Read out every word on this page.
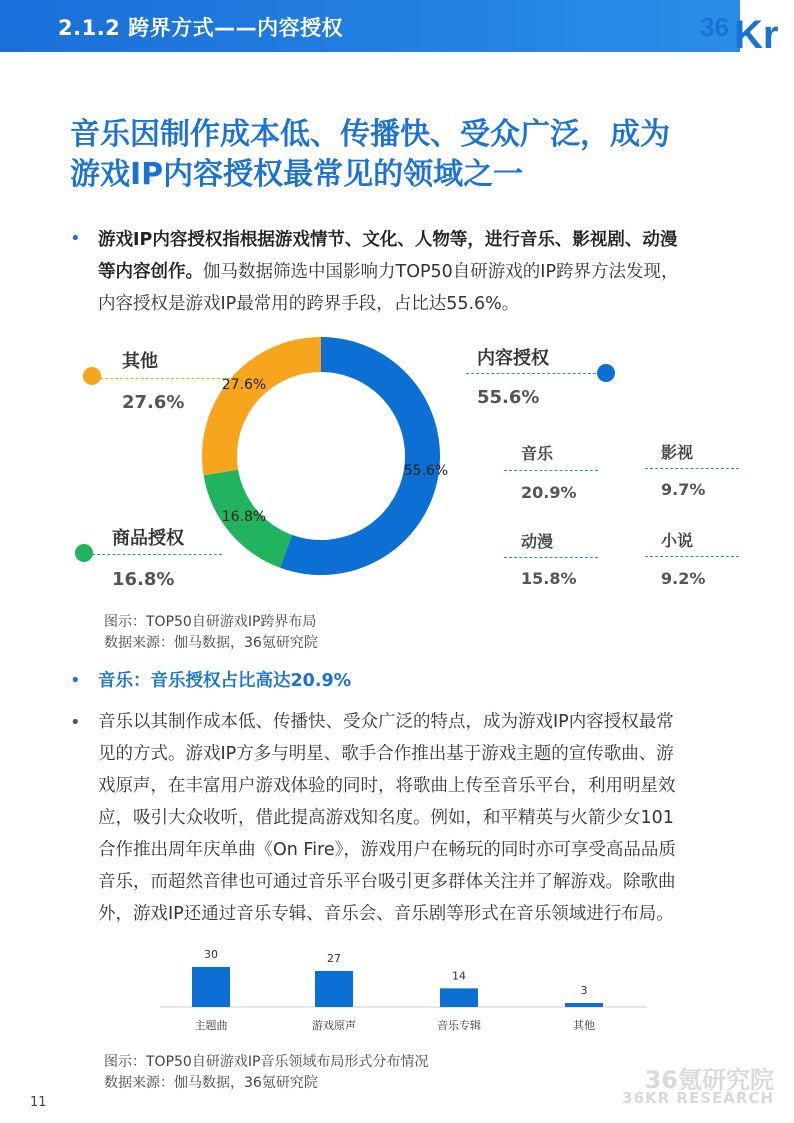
2.1.2 跨界方式——内容授权	36 Kr
音乐因制作成本低、传播快、受众广泛，成为
游戏IP内容授权最常见的领域之一
• 游戏IP内容授权指根据游戏情节、文化、人物等，进行音乐、影视剧、动漫
等内容创作。伽马数据筛选中国影响力TOP50自研游戏的IP跨界方法发现，
内容授权是游戏IP最常用的跨界手段，占比达55.6%。
55.6%
16.8%
27.6%
其他
27.6%
商品授权
16.8%
内容授权
55.6%
音乐
20.9%
影视
9.7%
动漫
15.8%
小说
9.2%
图示：TOP50自研游戏IP跨界布局
数据来源：伽马数据，36氪研究院
• 音乐：音乐授权占比高达20.9%
• 音乐以其制作成本低、传播快、受众广泛的特点，成为游戏IP内容授权最常
见的方式。游戏IP方多与明星、歌手合作推出基于游戏主题的宣传歌曲、游
戏原声，在丰富用户游戏体验的同时，将歌曲上传至音乐平台，利用明星效
应，吸引大众收听，借此提高游戏知名度。例如，和平精英与火箭少女101
合作推出周年庆单曲《On Fire》，游戏用户在畅玩的同时亦可享受高品品质
音乐，而超然音律也可通过音乐平台吸引更多群体关注并了解游戏。除歌曲
外，游戏IP还通过音乐专辑、音乐会、音乐剧等形式在音乐领域进行布局。
30
主题曲
27
游戏原声
14
音乐专辑
3
其他
图示：TOP50自研游戏IP音乐领域布局形式分布情况
数据来源：伽马数据，36氪研究院
11
36氪研究院
36KR RESEARCH
